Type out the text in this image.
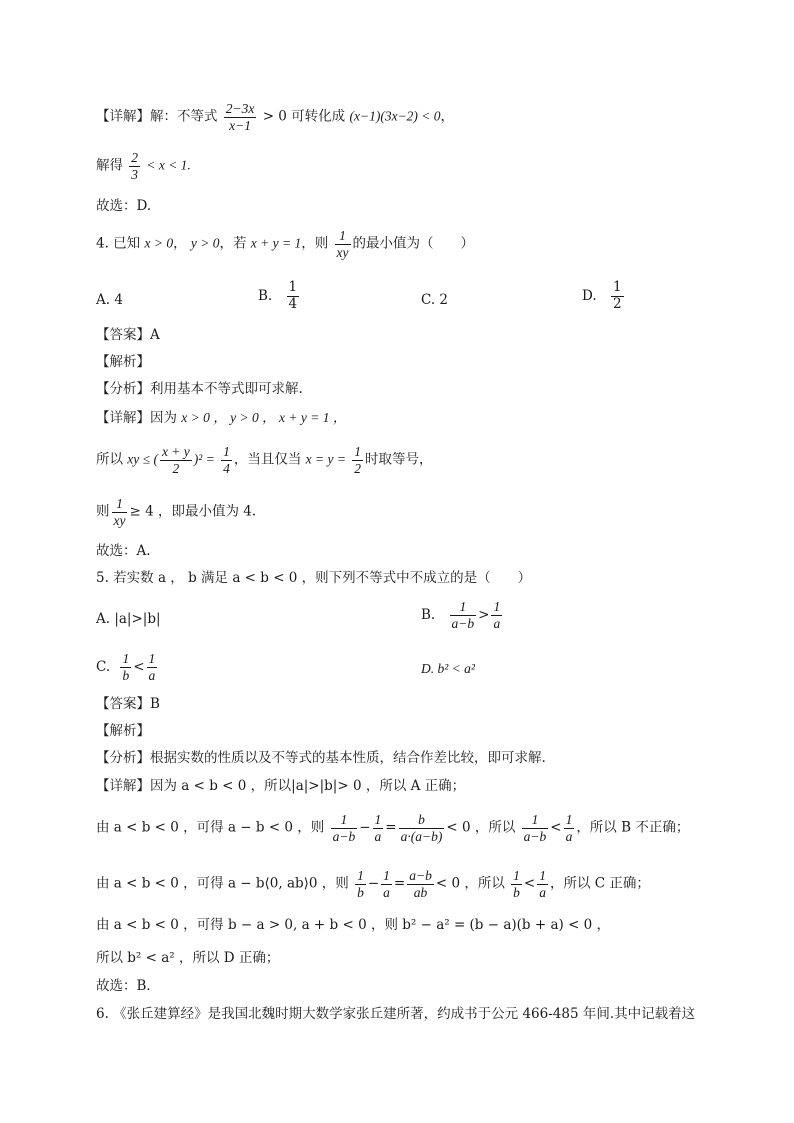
【详解】解：不等式 $\frac{2-3x}{x-1} > 0$ 可转化成 (x−1)(3x−2) < 0，
解得 $\frac{2}{3} < x < 1$.
故选：D.
4. 已知 x > 0， y > 0，若 x + y = 1，则 $\frac{1}{xy}$ 的最小值为（　　）
A. 4	B. $\frac{1}{4}$	C. 2	D. $\frac{1}{2}$
【答案】A
【解析】
【分析】利用基本不等式即可求解.
【详解】因为 x > 0 ， y > 0 ， x + y = 1 ，
所以 xy ≤ ( $\frac{x + y}{2} )^2 = \frac{1}{4}$ ，当且仅当 $x = y = \frac{1}{2}$ 时取等号，
则 $\frac{1}{xy} \ge 4$ ，即最小值为 4.
故选：A.
5. 若实数 a ， b 满足 a < b < 0 ，则下列不等式中不成立的是（　　）
A. |a|>|b|	B. $\frac{1}{a-b} > \frac{1}{a}$
C. $\frac{1}{b} < \frac{1}{a}$	D. b² < a²
【答案】B
【解析】
【分析】根据实数的性质以及不等式的基本性质，结合作差比较，即可求解.
【详解】因为 a < b < 0 ，所以|a|>|b|> 0 ，所以 A 正确；
由 a < b < 0 ，可得 a − b < 0 ，则 $\frac{1}{a-b} - \frac{1}{a} = \frac{b}{a\cdot(a-b)} < 0$ ，所以 $\frac{1}{a-b} < \frac{1}{a}$ ，所以 B 不正确；
由 a < b < 0 ，可得 a − b⟨0, ab⟩0 ，则 $\frac{1}{b} - \frac{1}{a} = \frac{a-b}{ab} < 0$ ，所以 $\frac{1}{b} < \frac{1}{a}$ ，所以 C 正确；
由 a < b < 0 ，可得 b − a > 0, a + b < 0 ，则 b² − a² = (b − a)(b + a) < 0 ，
所以 b² < a² ，所以 D 正确；
故选：B．
6. 《张丘建算经》是我国北魏时期大数学家张丘建所著，约成书于公元 466-485 年间.其中记载着这
